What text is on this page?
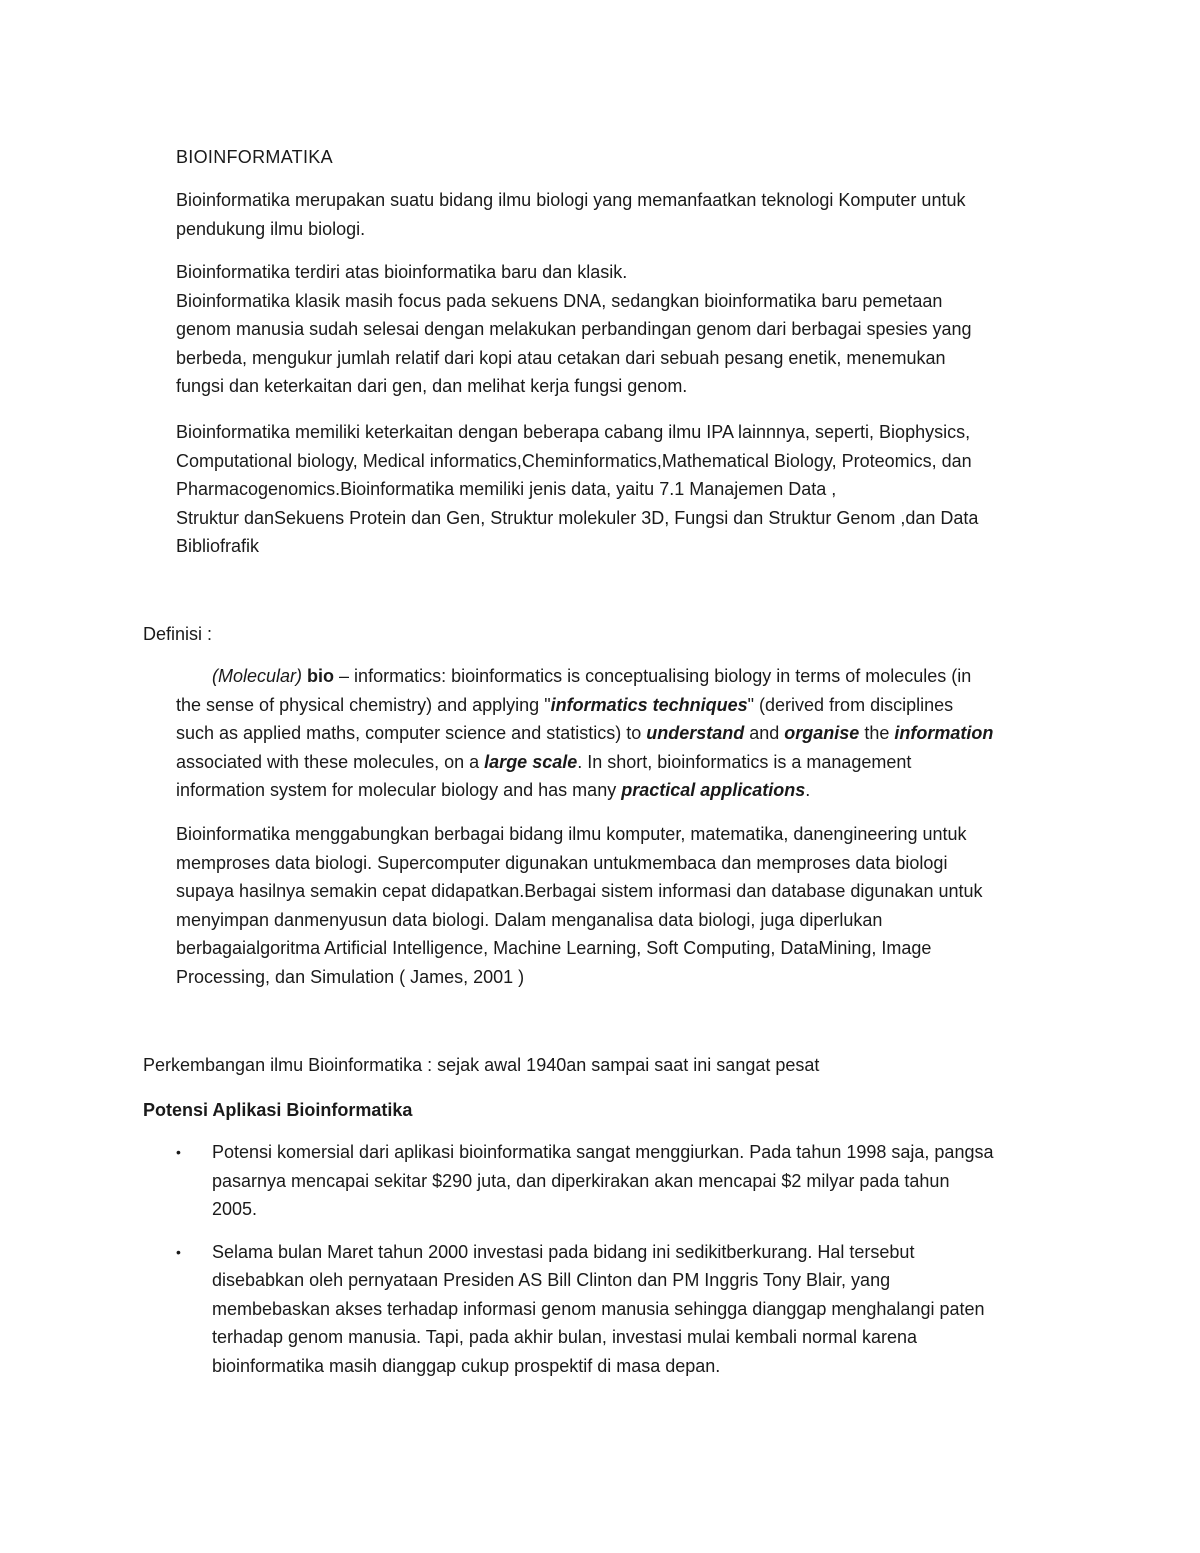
BIOINFORMATIKA

Bioinformatika merupakan suatu bidang ilmu biologi yang memanfaatkan teknologi Komputer untuk
pendukung ilmu biologi.

Bioinformatika terdiri atas bioinformatika baru dan klasik.
Bioinformatika klasik masih focus pada sekuens DNA, sedangkan bioinformatika baru pemetaan
genom manusia sudah selesai dengan melakukan perbandingan genom dari berbagai spesies yang
berbeda, mengukur jumlah relatif dari kopi atau cetakan dari sebuah pesang enetik, menemukan
fungsi dan keterkaitan dari gen, dan melihat kerja fungsi genom.

Bioinformatika memiliki keterkaitan dengan beberapa cabang ilmu IPA lainnnya, seperti, Biophysics,
Computational biology, Medical informatics,Cheminformatics,Mathematical Biology, Proteomics, dan
Pharmacogenomics.Bioinformatika memiliki jenis data, yaitu 7.1 Manajemen Data ,
Struktur danSekuens Protein dan Gen, Struktur molekuler 3D, Fungsi dan Struktur Genom ,dan Data
Bibliofrafik

Definisi :

(Molecular) bio – informatics: bioinformatics is conceptualising biology in terms of molecules (in
the sense of physical chemistry) and applying "informatics techniques" (derived from disciplines
such as applied maths, computer science and statistics) to understand and organise the information
associated with these molecules, on a large scale. In short, bioinformatics is a management
information system for molecular biology and has many practical applications.

Bioinformatika menggabungkan berbagai bidang ilmu komputer, matematika, danengineering untuk
memproses data biologi. Supercomputer digunakan untukmembaca dan memproses data biologi
supaya hasilnya semakin cepat didapatkan.Berbagai sistem informasi dan database digunakan untuk
menyimpan danmenyusun data biologi. Dalam menganalisa data biologi, juga diperlukan
berbagaialgoritma Artificial Intelligence, Machine Learning, Soft Computing, DataMining, Image
Processing, dan Simulation ( James, 2001 )

Perkembangan ilmu Bioinformatika : sejak awal 1940an sampai saat ini sangat pesat

Potensi Aplikasi Bioinformatika

• Potensi komersial dari aplikasi bioinformatika sangat menggiurkan. Pada tahun 1998 saja, pangsa
pasarnya mencapai sekitar $290 juta, dan diperkirakan akan mencapai $2 milyar pada tahun
2005.
• Selama bulan Maret tahun 2000 investasi pada bidang ini sedikitberkurang. Hal tersebut
disebabkan oleh pernyataan Presiden AS Bill Clinton dan PM Inggris Tony Blair, yang
membebaskan akses terhadap informasi genom manusia sehingga dianggap menghalangi paten
terhadap genom manusia. Tapi, pada akhir bulan, investasi mulai kembali normal karena
bioinformatika masih dianggap cukup prospektif di masa depan.
